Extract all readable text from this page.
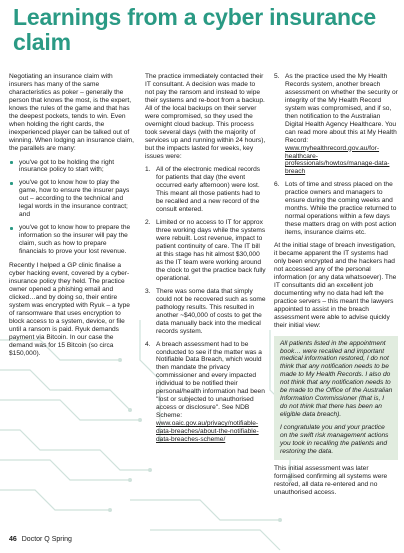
Learnings from a cyber insurance claim

Negotiating an insurance claim with insurers has many of the same characteristics as poker – generally the person that knows the most, is the expert, knows the rules of the game and that has the deepest pockets, tends to win. Even when holding the right cards, the inexperienced player can be talked out of winning. When lodging an insurance claim, the parallels are many:

you've got to be holding the right insurance policy to start with;
you've got to know how to play the game, how to ensure the insurer pays out – according to the technical and legal words in the insurance contract; and
you've got to know how to prepare the information so the insurer will pay the claim, such as how to prepare financials to prove your lost revenue.

Recently I helped a GP clinic finalise a cyber hacking event, covered by a cyber-insurance policy they held. The practice owner opened a phishing email and clicked…and by doing so, their entire system was encrypted with Ryuk – a type of ransomware that uses encryption to block access to a system, device, or file until a ransom is paid. Ryuk demands payment via Bitcoin. In our case the demand was for 15 Bitcoin (so circa $150,000).

The practice immediately contacted their IT consultant. A decision was made to not pay the ransom and instead to wipe their systems and re-boot from a backup. All of the local backups on their server were compromised, so they used the overnight cloud backup. This process took several days (with the majority of services up and running within 24 hours), but the impacts lasted for weeks, key issues were:

1. All of the electronic medical records for patients that day (the event occurred early afternoon) were lost. This meant all those patients had to be recalled and a new record of the consult entered.
2. Limited or no access to IT for approx three working days while the systems were rebuilt. Lost revenue, impact to patient continuity of care. The IT bill at this stage has hit almost $30,000 as the IT team were working around the clock to get the practice back fully operational.
3. There was some data that simply could not be recovered such as some pathology results. This resulted in another ~$40,000 of costs to get the data manually back into the medical records system.
4. A breach assessment had to be conducted to see if the matter was a Notifiable Data Breach, which would then mandate the privacy commissioner and every impacted individual to be notified their personal/health information had been "lost or subjected to unauthorised access or disclosure". See NDB Scheme: www.oaic.gov.au/privacy/notifiable-data-breaches/about-the-notifiable-data-breaches-scheme/
5. As the practice used the My Health Records system, another breach assessment on whether the security or integrity of the My Health Record system was compromised, and if so, then notification to the Australian Digital Health Agency Healthcare. You can read more about this at My Health Record: www.myhealthrecord.gov.au/for-healthcare-professionals/howtos/manage-data-breach
6. Lots of time and stress placed on the practice owners and managers to ensure during the coming weeks and months. While the practice returned to normal operations within a few days these matters drag on with post action items, insurance claims etc.

At the initial stage of breach investigation, it became apparent the IT systems had only been encrypted and the hackers had not accessed any of the personal information (or any data whatsoever). The IT consultants did an excellent job documenting why no data had left the practice servers – this meant the lawyers appointed to assist in the breach assessment were able to advise quickly their initial view:

All patients listed in the appointment book… were recalled and important medical information restored, I do not think that any notification needs to be made to My Health Records. I also do not think that any notification needs to be made to the Office of the Australian Information Commissioner (that is, I do not think that there has been an eligible data breach).

I congratulate you and your practice on the swift risk management actions you took in recalling the patients and restoring the data.

This initial assessment was later formalised confirming all systems were restored, all data re-entered and no unauthorised access.

46 Doctor Q Spring
